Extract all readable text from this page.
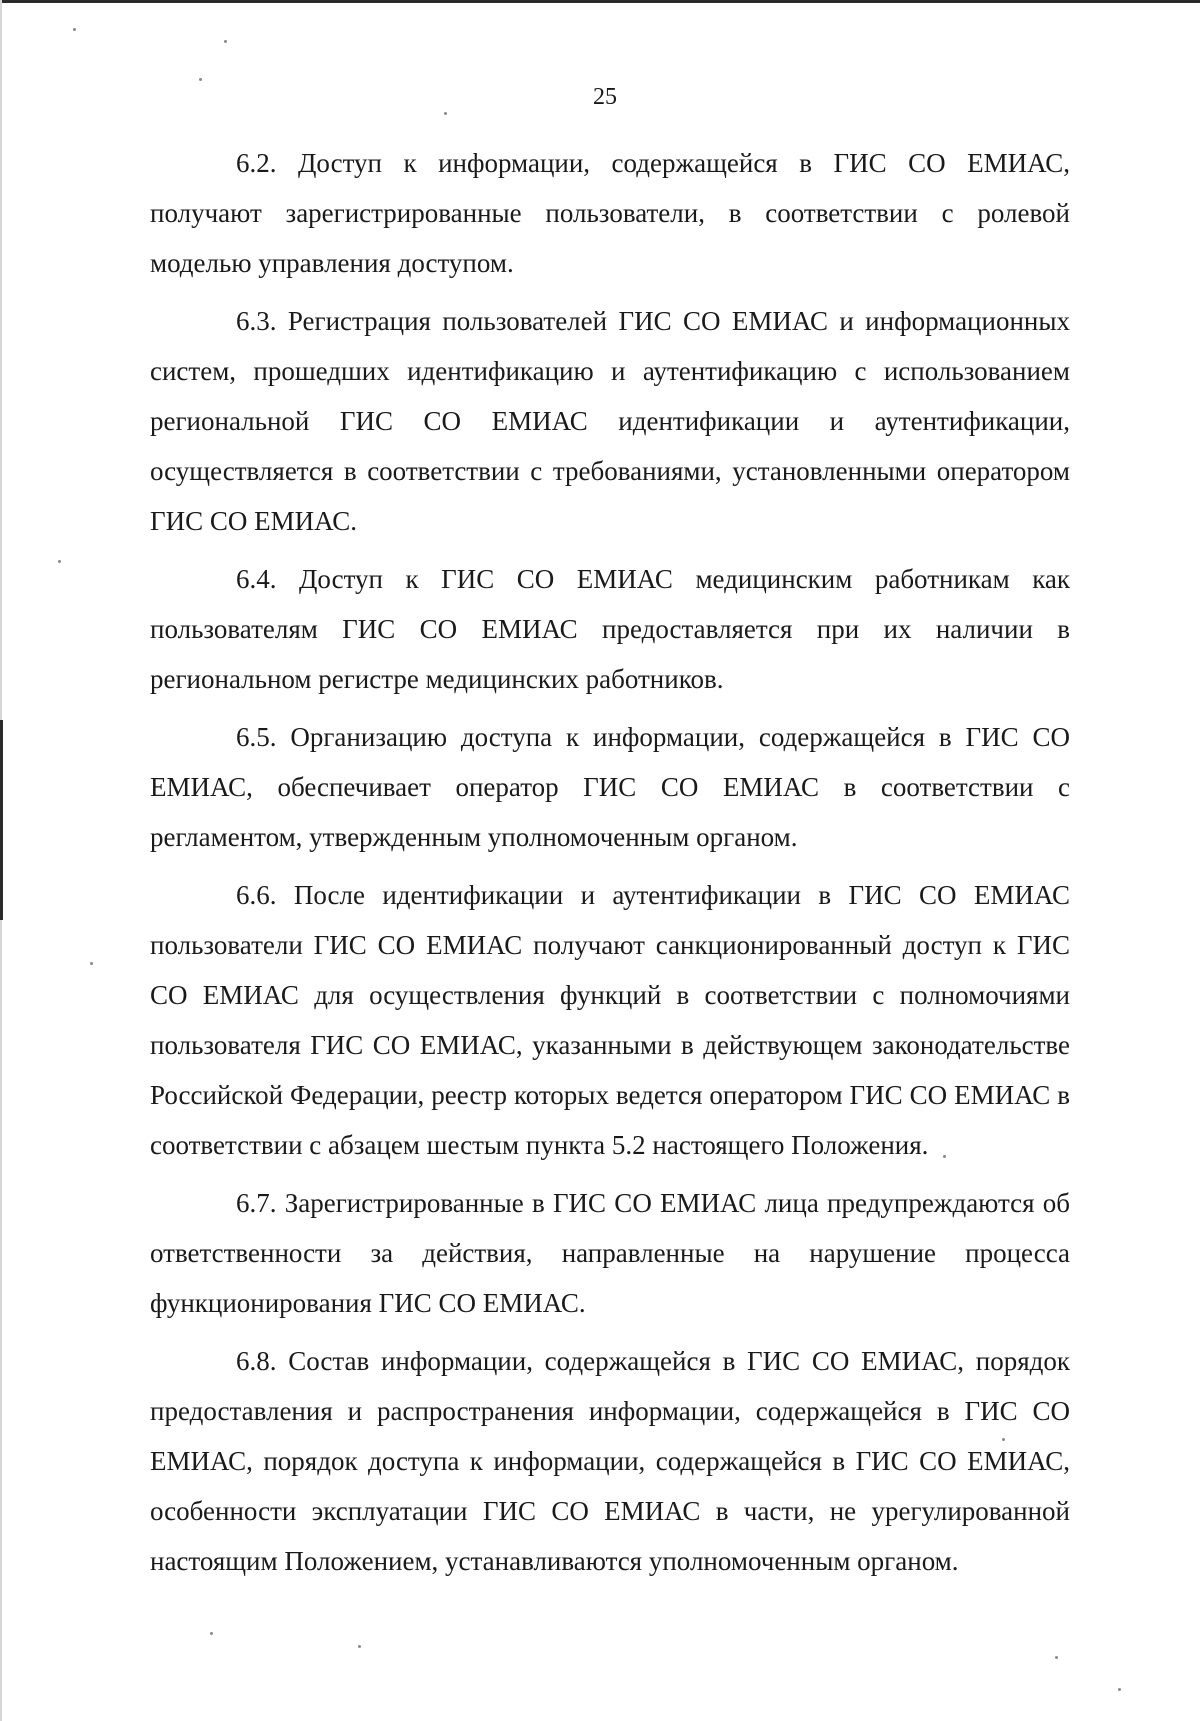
25

6.2. Доступ к информации, содержащейся в ГИС СО ЕМИАС, получают зарегистрированные пользователи, в соответствии с ролевой моделью управления доступом.

6.3. Регистрация пользователей ГИС СО ЕМИАС и информационных систем, прошедших идентификацию и аутентификацию с использованием региональной ГИС СО ЕМИАС идентификации и аутентификации, осуществляется в соответствии с требованиями, установленными оператором ГИС СО ЕМИАС.

6.4. Доступ к ГИС СО ЕМИАС медицинским работникам как пользователям ГИС СО ЕМИАС предоставляется при их наличии в региональном регистре медицинских работников.

6.5. Организацию доступа к информации, содержащейся в ГИС СО ЕМИАС, обеспечивает оператор ГИС СО ЕМИАС в соответствии с регламентом, утвержденным уполномоченным органом.

6.6. После идентификации и аутентификации в ГИС СО ЕМИАС пользователи ГИС СО ЕМИАС получают санкционированный доступ к ГИС СО ЕМИАС для осуществления функций в соответствии с полномочиями пользователя ГИС СО ЕМИАС, указанными в действующем законодательстве Российской Федерации, реестр которых ведется оператором ГИС СО ЕМИАС в соответствии с абзацем шестым пункта 5.2 настоящего Положения.

6.7. Зарегистрированные в ГИС СО ЕМИАС лица предупреждаются об ответственности за действия, направленные на нарушение процесса функционирования ГИС СО ЕМИАС.

6.8. Состав информации, содержащейся в ГИС СО ЕМИАС, порядок предоставления и распространения информации, содержащейся в ГИС СО ЕМИАС, порядок доступа к информации, содержащейся в ГИС СО ЕМИАС, особенности эксплуатации ГИС СО ЕМИАС в части, не урегулированной настоящим Положением, устанавливаются уполномоченным органом.
